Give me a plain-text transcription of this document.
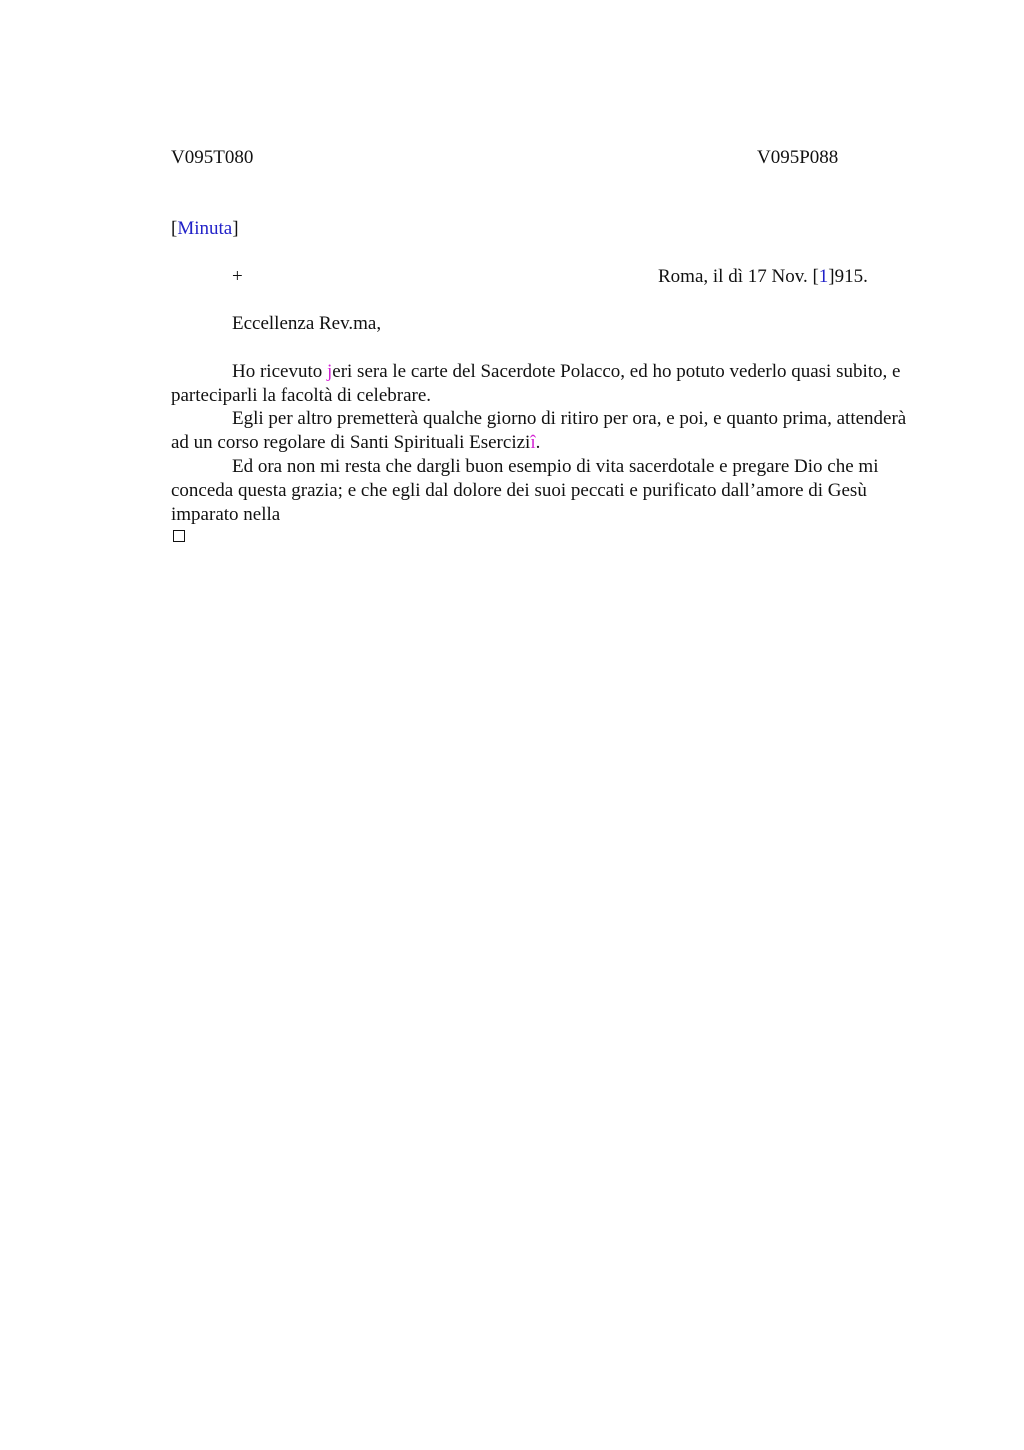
V095T080	V095P088
[Minuta]
+	Roma, il dì 17 Nov. [1]915.
Eccellenza Rev.ma,

Ho ricevuto jeri sera le carte del Sacerdote Polacco, ed ho potuto vederlo quasi subito, e parteciparli la facoltà di celebrare.

Egli per altro premetterà qualche giorno di ritiro per ora, e poi, e quanto prima, attenderà ad un corso regolare di Santi Spirituali Eserciziî.

Ed ora non mi resta che dargli buon esempio di vita sacerdotale e pregare Dio che mi conceda questa grazia; e che egli dal dolore dei suoi peccati e purificato dall’amore di Gesù imparato nella
